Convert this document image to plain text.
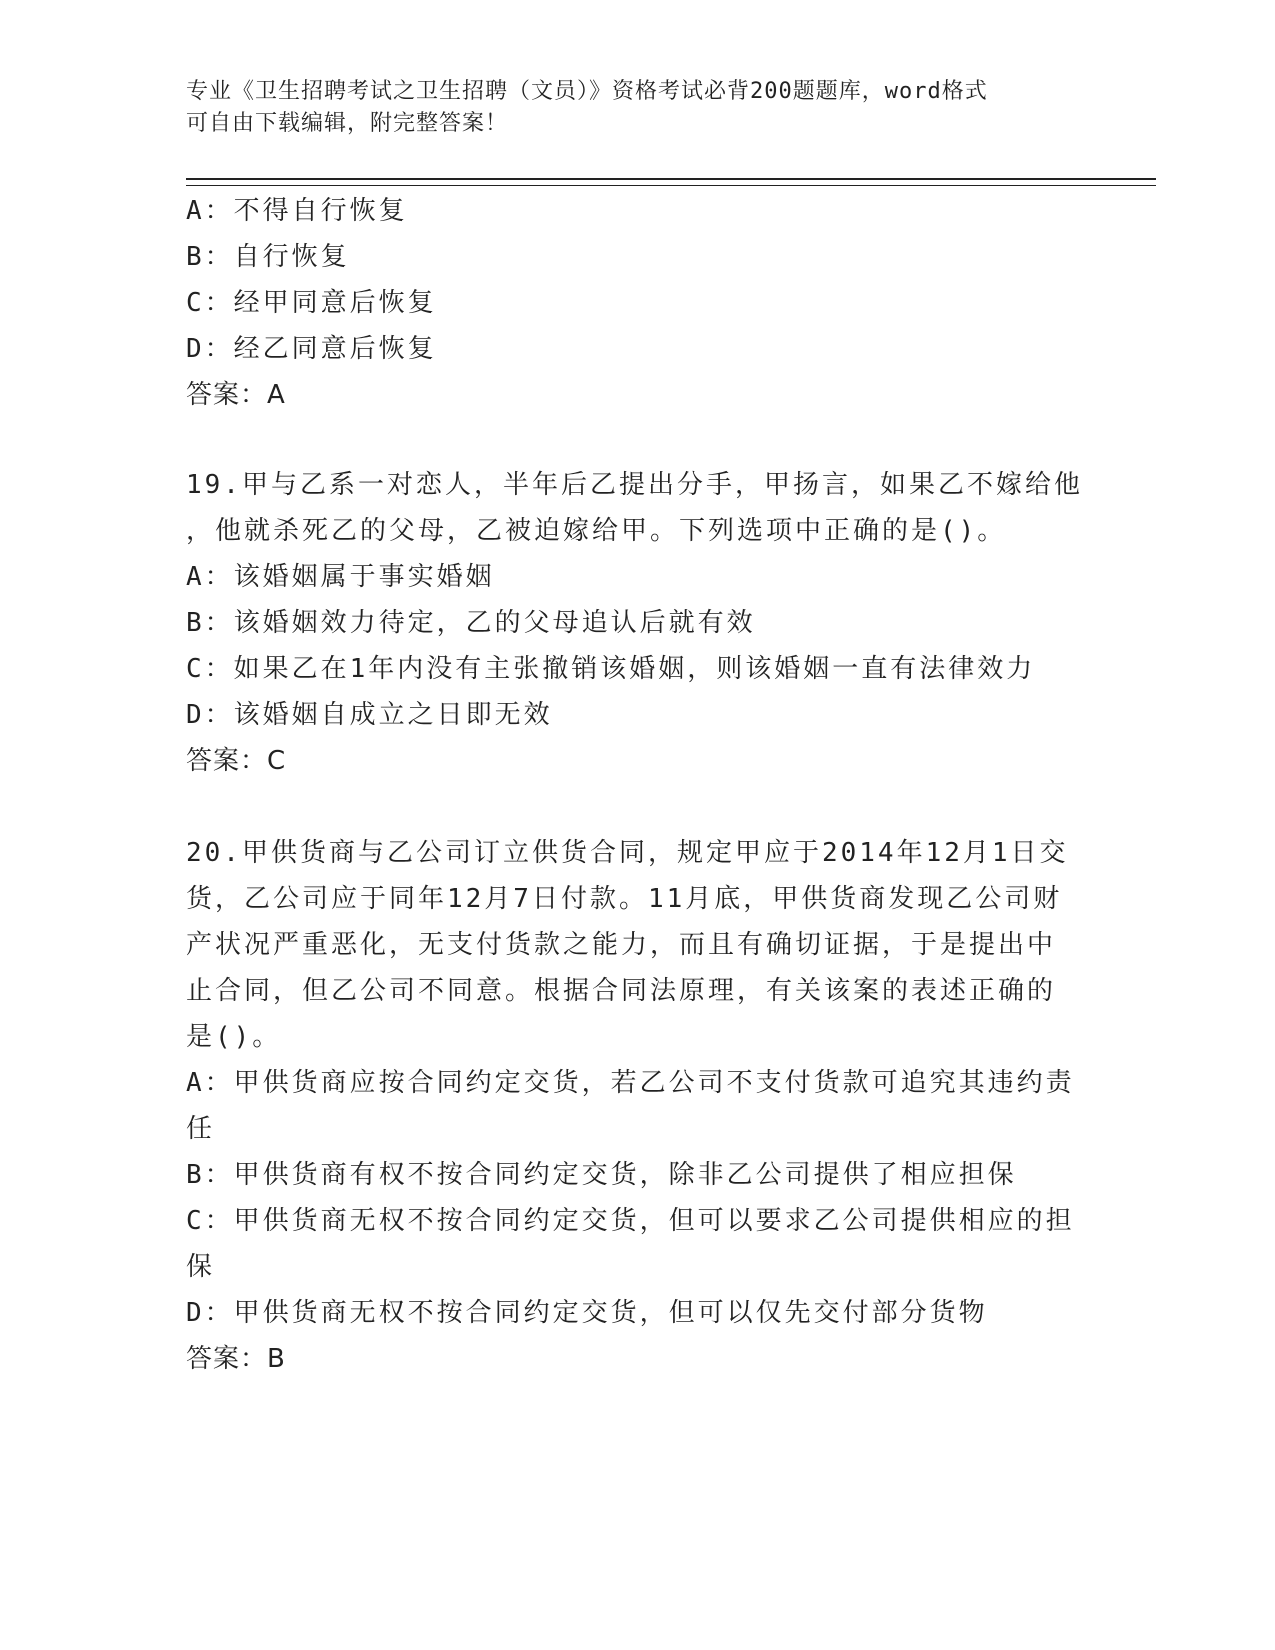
专业《卫生招聘考试之卫生招聘（文员）》资格考试必背200题题库，word格式
可自由下载编辑，附完整答案！
A：不得自行恢复
B：自行恢复
C：经甲同意后恢复
D：经乙同意后恢复
答案：A
19.甲与乙系一对恋人，半年后乙提出分手，甲扬言，如果乙不嫁给他
，他就杀死乙的父母，乙被迫嫁给甲。下列选项中正确的是()。
A：该婚姻属于事实婚姻
B：该婚姻效力待定，乙的父母追认后就有效
C：如果乙在1年内没有主张撤销该婚姻，则该婚姻一直有法律效力
D：该婚姻自成立之日即无效
答案：C
20.甲供货商与乙公司订立供货合同，规定甲应于2014年12月1日交
货，乙公司应于同年12月7日付款。11月底，甲供货商发现乙公司财
产状况严重恶化，无支付货款之能力，而且有确切证据，于是提出中
止合同，但乙公司不同意。根据合同法原理，有关该案的表述正确的
是()。
A：甲供货商应按合同约定交货，若乙公司不支付货款可追究其违约责
任
B：甲供货商有权不按合同约定交货，除非乙公司提供了相应担保
C：甲供货商无权不按合同约定交货，但可以要求乙公司提供相应的担
保
D：甲供货商无权不按合同约定交货，但可以仅先交付部分货物
答案：B
